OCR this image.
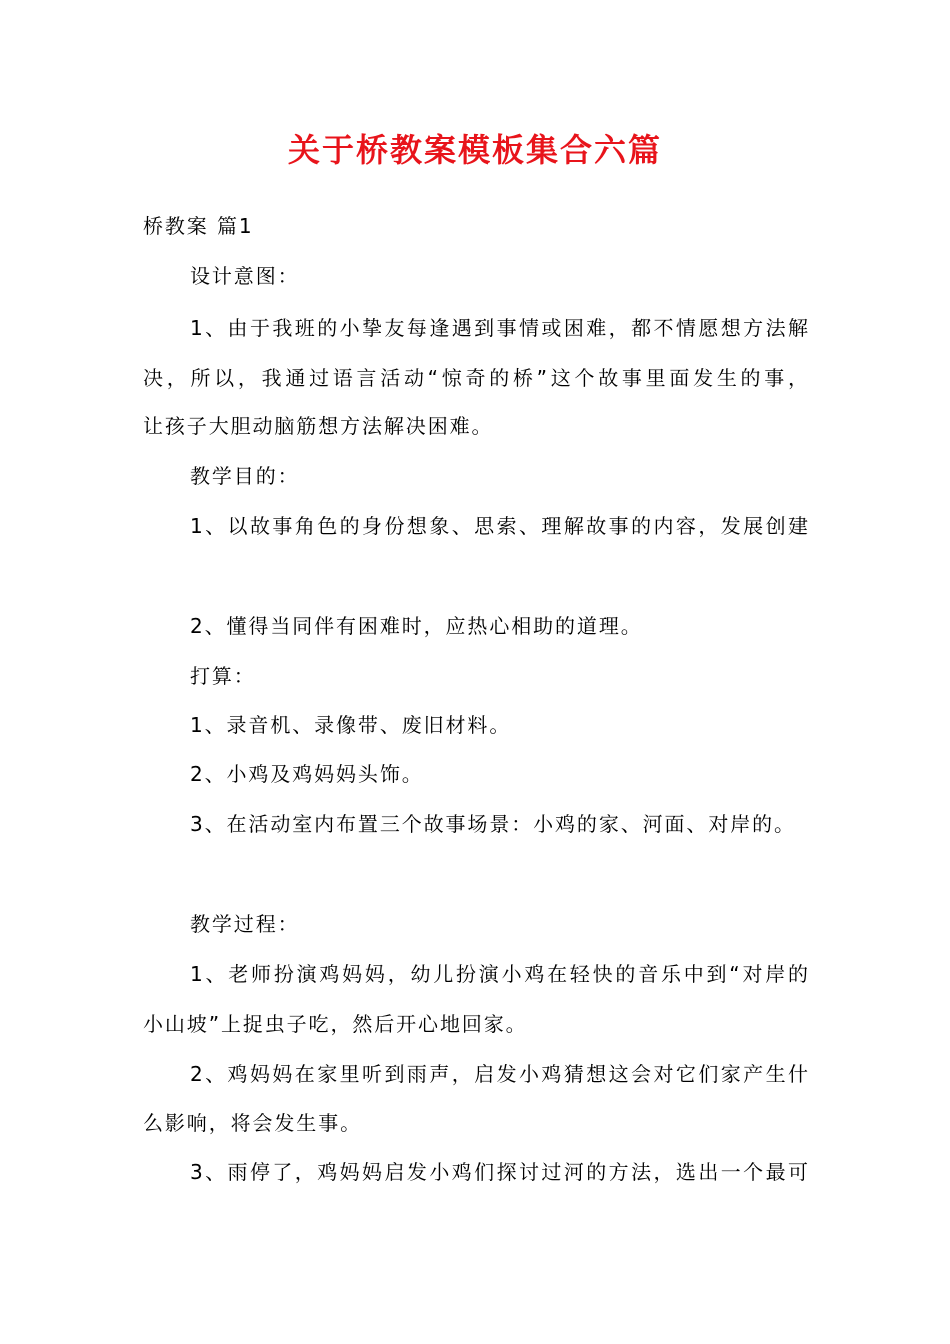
关于桥教案模板集合六篇

桥教案 篇1

设计意图：

1、由于我班的小挚友每逢遇到事情或困难，都不情愿想方法解

决，所以，我通过语言活动“惊奇的桥”这个故事里面发生的事，

让孩子大胆动脑筋想方法解决困难。

教学目的：

1、以故事角色的身份想象、思索、理解故事的内容，发展创建

2、懂得当同伴有困难时，应热心相助的道理。

打算：

1、录音机、录像带、废旧材料。

2、小鸡及鸡妈妈头饰。

3、在活动室内布置三个故事场景：小鸡的家、河面、对岸的。

教学过程：

1、老师扮演鸡妈妈，幼儿扮演小鸡在轻快的音乐中到“对岸的

小山坡”上捉虫子吃，然后开心地回家。

2、鸡妈妈在家里听到雨声，启发小鸡猜想这会对它们家产生什

么影响，将会发生事。

3、雨停了，鸡妈妈启发小鸡们探讨过河的方法，选出一个最可
